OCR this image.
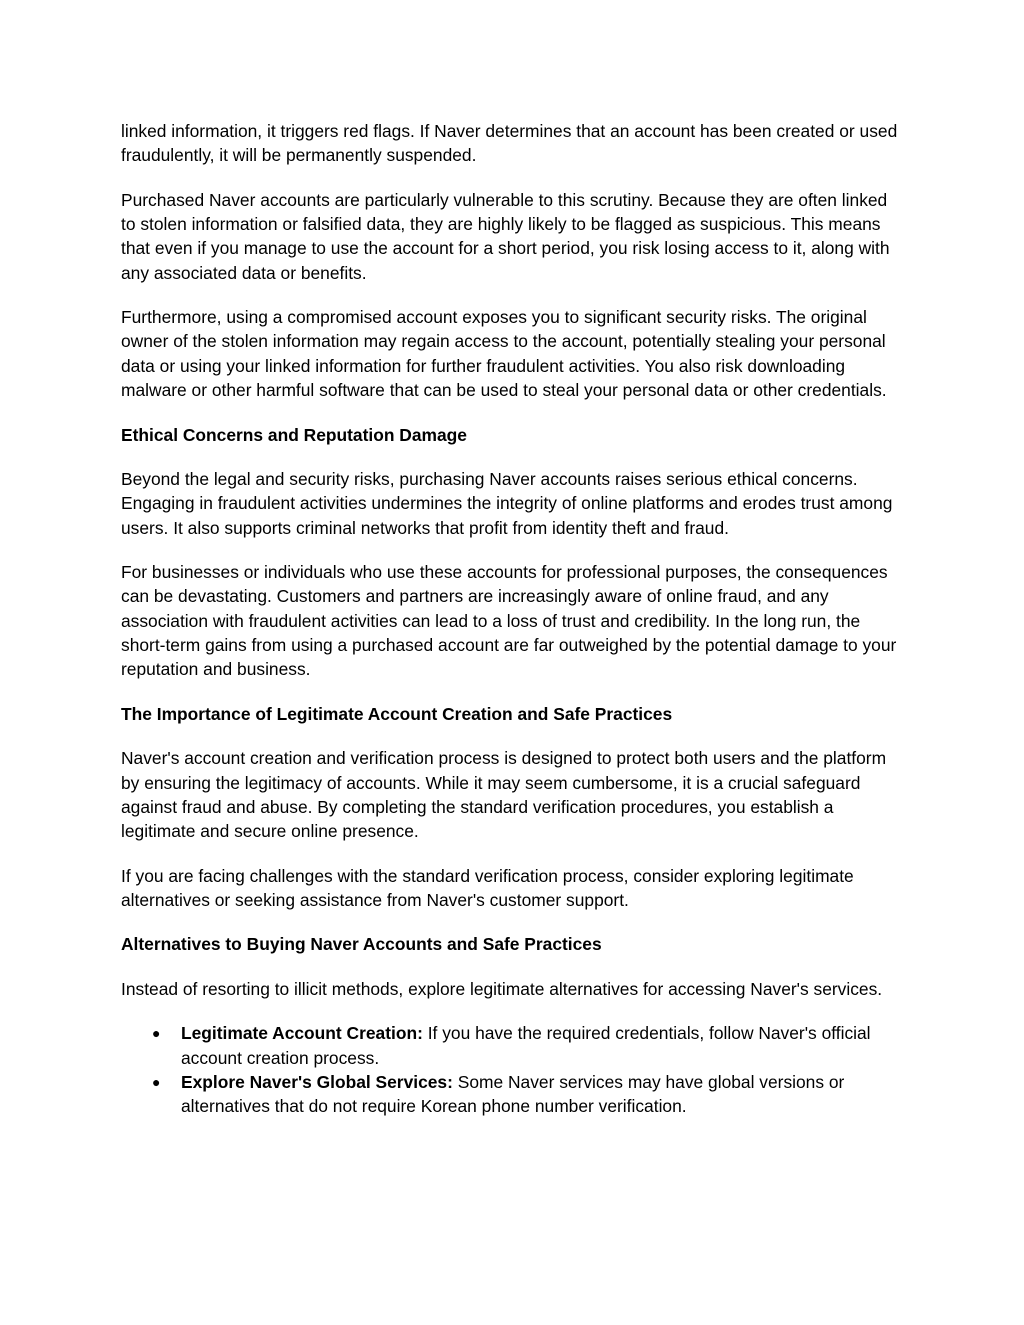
linked information, it triggers red flags. If Naver determines that an account has been created or used fraudulently, it will be permanently suspended.

Purchased Naver accounts are particularly vulnerable to this scrutiny. Because they are often linked to stolen information or falsified data, they are highly likely to be flagged as suspicious. This means that even if you manage to use the account for a short period, you risk losing access to it, along with any associated data or benefits.

Furthermore, using a compromised account exposes you to significant security risks. The original owner of the stolen information may regain access to the account, potentially stealing your personal data or using your linked information for further fraudulent activities. You also risk downloading malware or other harmful software that can be used to steal your personal data or other credentials.

Ethical Concerns and Reputation Damage

Beyond the legal and security risks, purchasing Naver accounts raises serious ethical concerns. Engaging in fraudulent activities undermines the integrity of online platforms and erodes trust among users. It also supports criminal networks that profit from identity theft and fraud.

For businesses or individuals who use these accounts for professional purposes, the consequences can be devastating. Customers and partners are increasingly aware of online fraud, and any association with fraudulent activities can lead to a loss of trust and credibility. In the long run, the short-term gains from using a purchased account are far outweighed by the potential damage to your reputation and business.

The Importance of Legitimate Account Creation and Safe Practices

Naver's account creation and verification process is designed to protect both users and the platform by ensuring the legitimacy of accounts. While it may seem cumbersome, it is a crucial safeguard against fraud and abuse. By completing the standard verification procedures, you establish a legitimate and secure online presence.

If you are facing challenges with the standard verification process, consider exploring legitimate alternatives or seeking assistance from Naver's customer support.

Alternatives to Buying Naver Accounts and Safe Practices

Instead of resorting to illicit methods, explore legitimate alternatives for accessing Naver's services.

● Legitimate Account Creation: If you have the required credentials, follow Naver's official account creation process.
● Explore Naver's Global Services: Some Naver services may have global versions or alternatives that do not require Korean phone number verification.
